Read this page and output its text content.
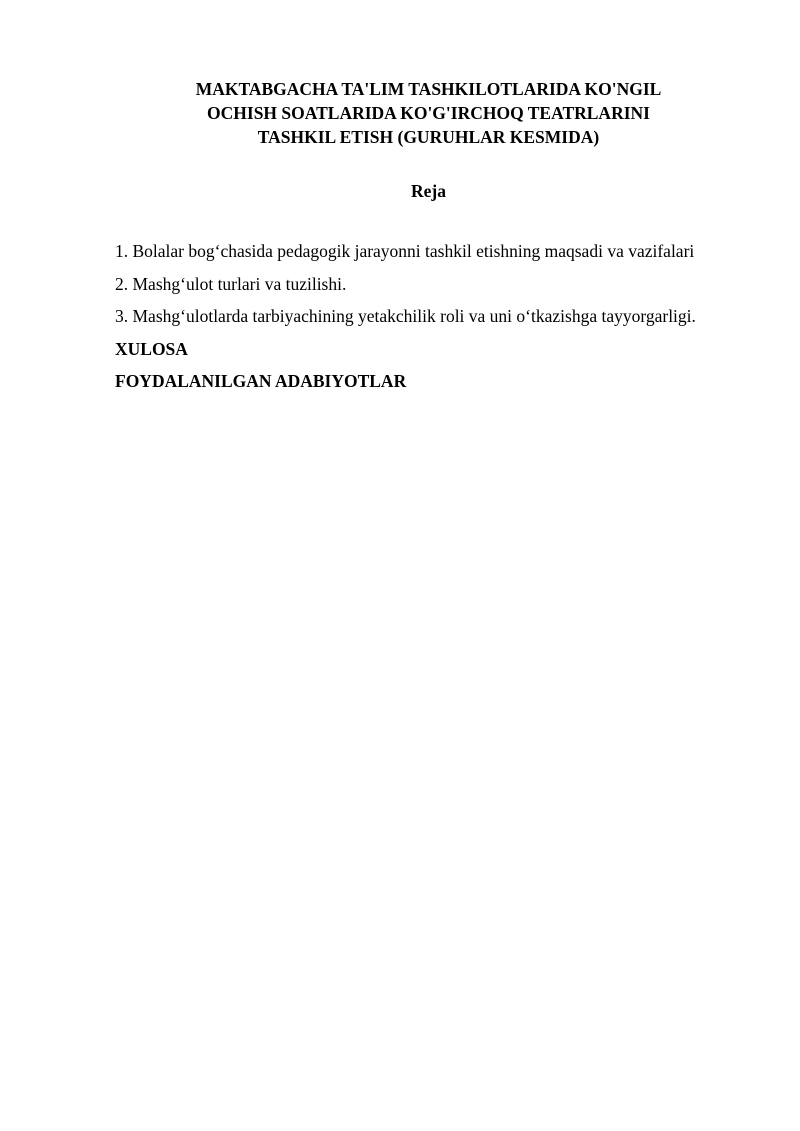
MAKTABGACHA TA'LIM TASHKILOTLARIDA KO'NGIL
OCHISH SOATLARIDA KO'G'IRCHOQ TEATRLARINI
TASHKIL ETISH (GURUHLAR KESMIDA)
Reja
1. Bolalar bog‘chasida pedagogik jarayonni tashkil etishning maqsadi va vazifalari
2. Mashg‘ulot turlari va tuzilishi.
3. Mashg‘ulotlarda tarbiyachining yetakchilik roli va uni o‘tkazishga tayyorgarligi.
XULOSA
FOYDALANILGAN ADABIYOTLAR
